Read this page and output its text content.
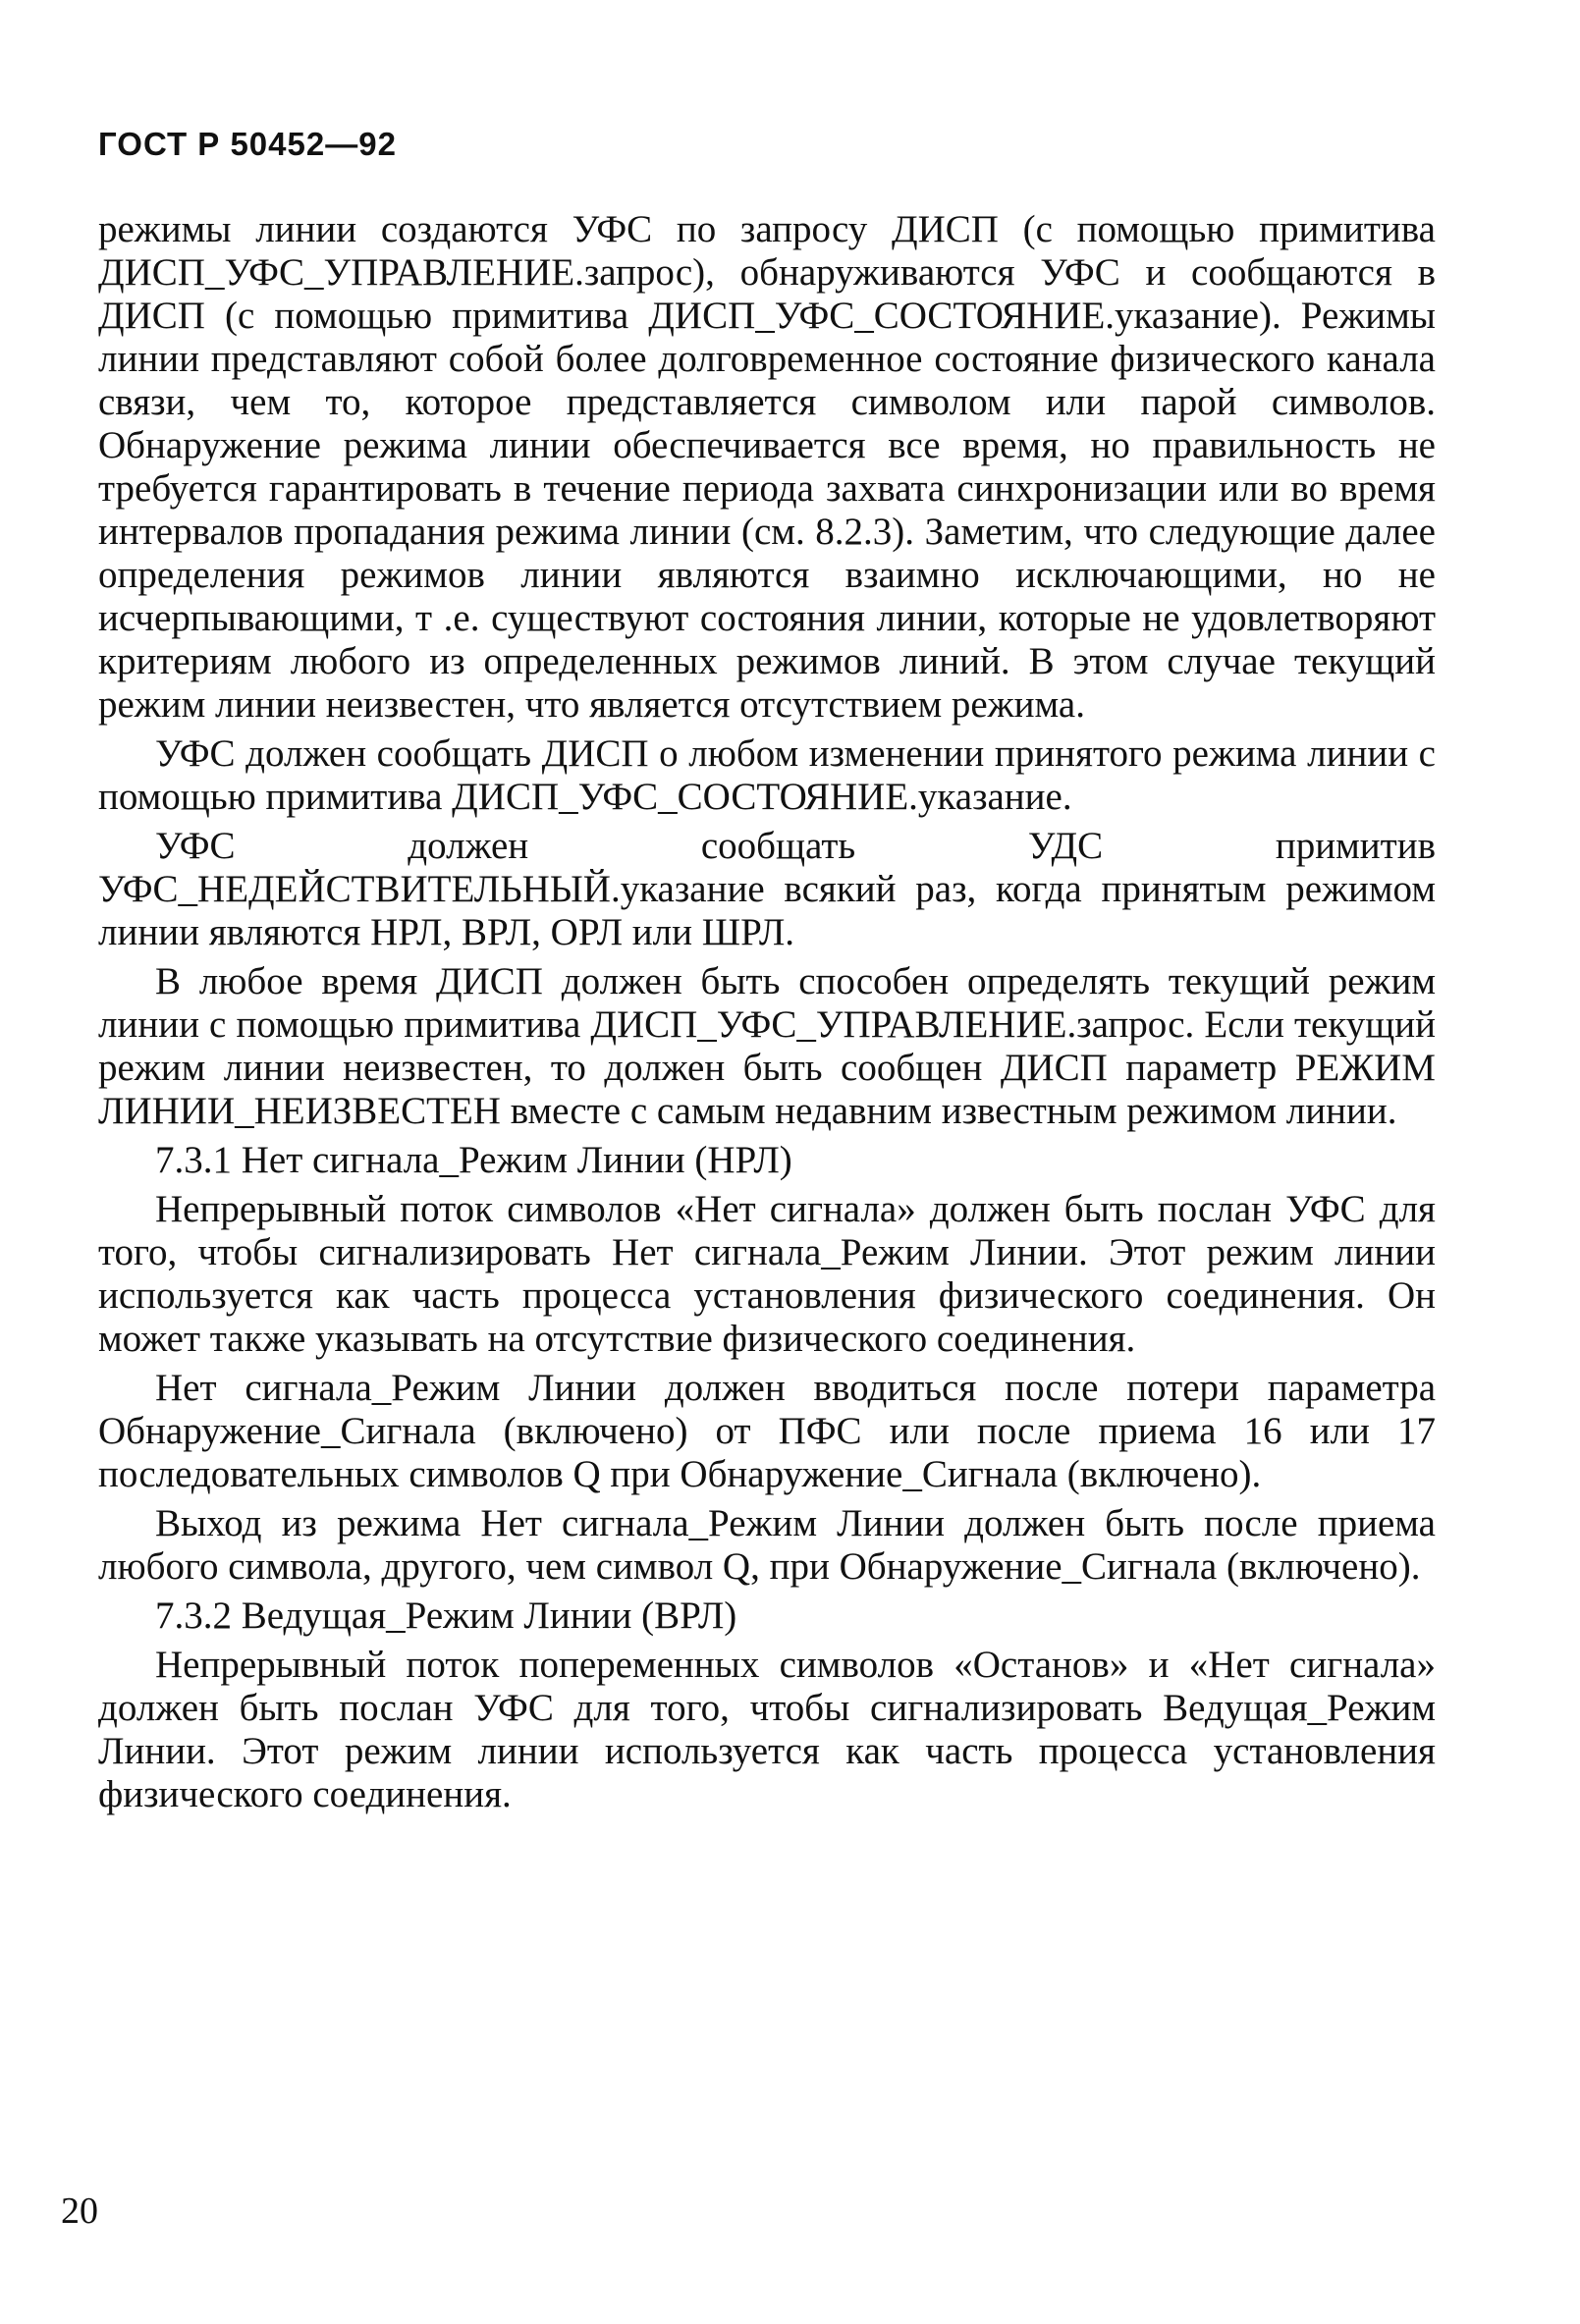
ГОСТ Р 50452—92

режимы линии создаются УФС по запросу ДИСП (с помощью примитива ДИСП_УФС_УПРАВЛЕНИЕ.запрос), обнаруживаются УФС и сообщаются в ДИСП (с помощью примитива ДИСП_УФС_СОСТОЯНИЕ.указание). Режимы линии представляют собой более долговременное состояние физического канала связи, чем то, которое представляется символом или парой символов. Обнаружение режима линии обеспечивается все время, но правильность не требуется гарантировать в течение периода захвата синхронизации или во время интервалов пропадания режима линии (см. 8.2.3). Заметим, что следующие далее определения режимов линии являются взаимно исключающими, но не исчерпывающими, т .е. существуют состояния линии, которые не удовлетворяют критериям любого из определенных режимов линий. В этом случае текущий режим линии неизвестен, что является отсутствием режима.

УФС должен сообщать ДИСП о любом изменении принятого режима линии с помощью примитива ДИСП_УФС_СОСТОЯНИЕ.указание.

УФС должен сообщать УДС примитив УФС_НЕДЕЙСТВИТЕЛЬНЫЙ.указание всякий раз, когда принятым режимом линии являются НРЛ, ВРЛ, ОРЛ или ШРЛ.

В любое время ДИСП должен быть способен определять текущий режим линии с помощью примитива ДИСП_УФС_УПРАВЛЕНИЕ.запрос. Если текущий режим линии неизвестен, то должен быть сообщен ДИСП параметр РЕЖИМ ЛИНИИ_НЕИЗВЕСТЕН вместе с самым недавним известным режимом линии.

7.3.1 Нет сигнала_Режим Линии (НРЛ)

Непрерывный поток символов «Нет сигнала» должен быть послан УФС для того, чтобы сигнализировать Нет сигнала_Режим Линии. Этот режим линии используется как часть процесса установления физического соединения. Он может также указывать на отсутствие физического соединения.

Нет сигнала_Режим Линии должен вводиться после потери параметра Обнаружение_Сигнала (включено) от ПФС или после приема 16 или 17 последовательных символов Q при Обнаружение_Сигнала (включено).

Выход из режима Нет сигнала_Режим Линии должен быть после приема любого символа, другого, чем символ Q, при Обнаружение_Сигнала (включено).

7.3.2 Ведущая_Режим Линии (ВРЛ)

Непрерывный поток попеременных символов «Останов» и «Нет сигнала» должен быть послан УФС для того, чтобы сигнализировать Ведущая_Режим Линии. Этот режим линии используется как часть процесса установления физического соединения.

20
